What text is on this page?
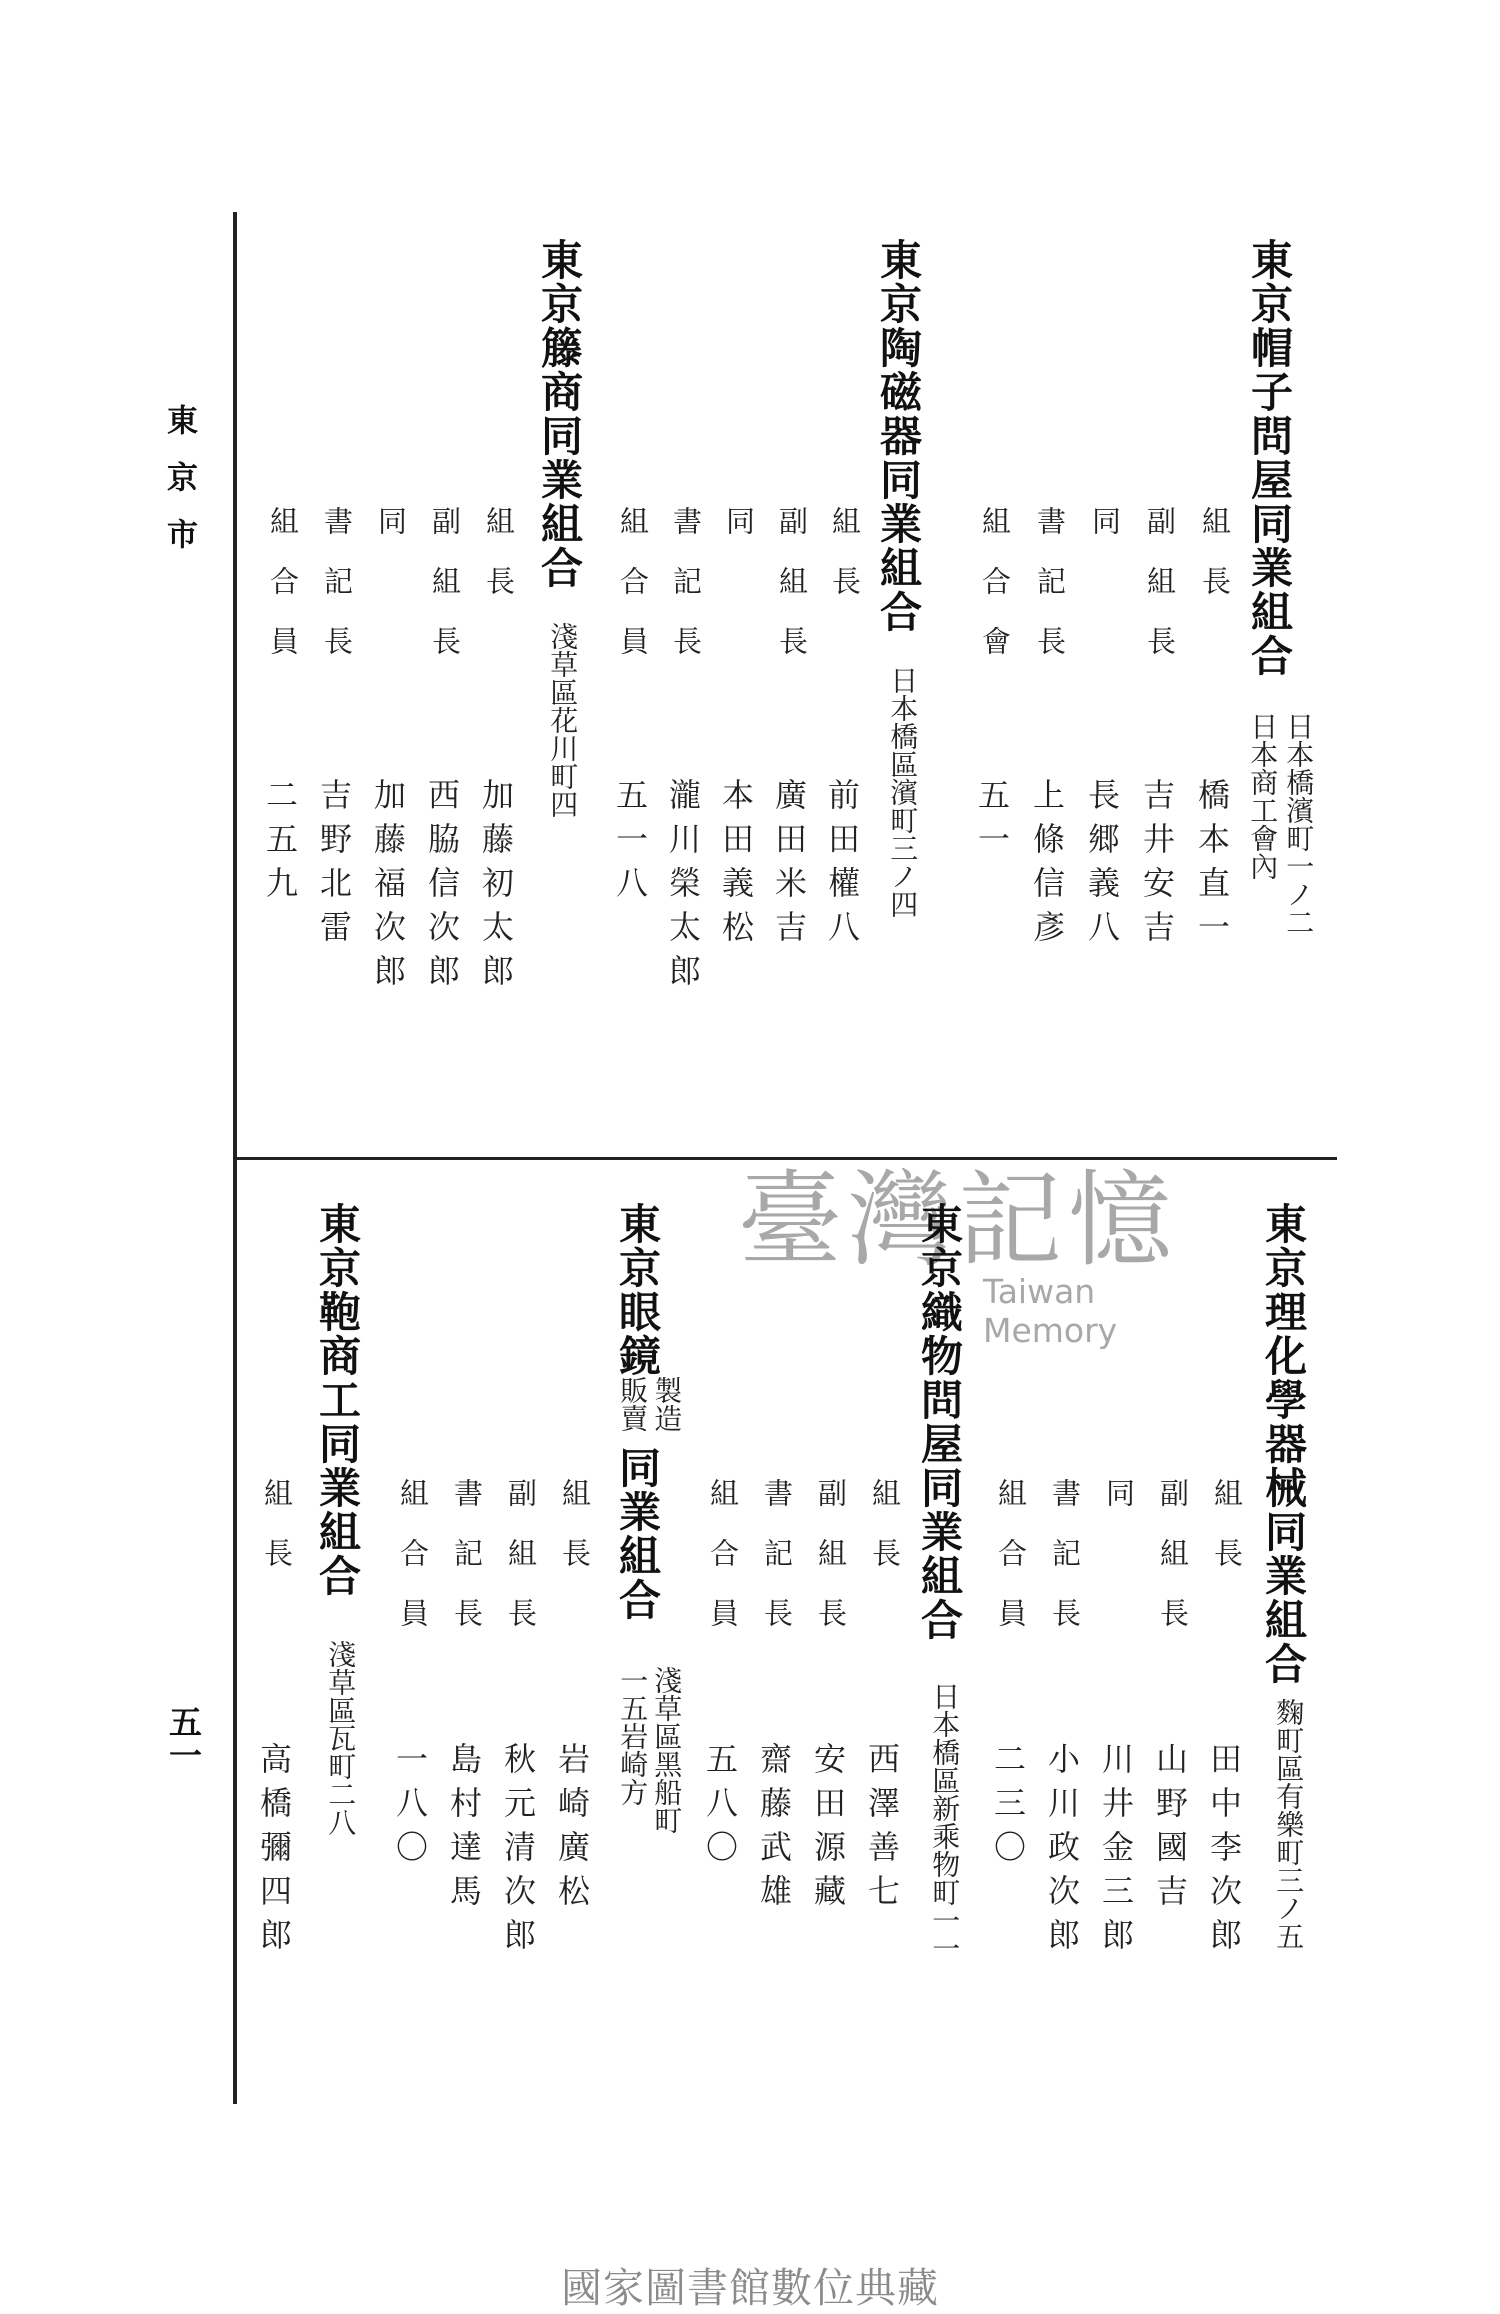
東京市
五一
臺灣記憶
Taiwan Memory
東京帽子問屋同業組合
日本橋濱町一ノ二
日本商工會內
組長
橋本直一
副組長
吉井安吉
同
長郷義八
書記長
上條信彥
組合會
五一
東京陶磁器同業組合
日本橋區濱町三ノ四
組長
前田權八
副組長
廣田米吉
同
本田義松
書記長
瀧川榮太郎
組合員
五一八
東京籐商同業組合
淺草區花川町四
組長
加藤初太郎
副組長
西脇信次郎
同
加藤福次郎
書記長
吉野北雷
組合員
二五九
東京理化學器械同業組合
麴町區有樂町三ノ五
組長
田中李次郎
副組長
山野國吉
同
川井金三郎
書記長
小川政次郎
組合員
二三〇
東京織物問屋同業組合
日本橋區新乘物町一一
組長
西澤善七
副組長
安田源藏
書記長
齋藤武雄
組合員
五八〇
東京眼鏡
製造
販賣
同業組合
淺草區黑船町
一五岩崎方
組長
岩崎廣松
副組長
秋元清次郎
書記長
島村達馬
組合員
一八〇
東京鞄商工同業組合
淺草區瓦町二八
組長
高橋彌四郎
國家圖書館數位典藏
